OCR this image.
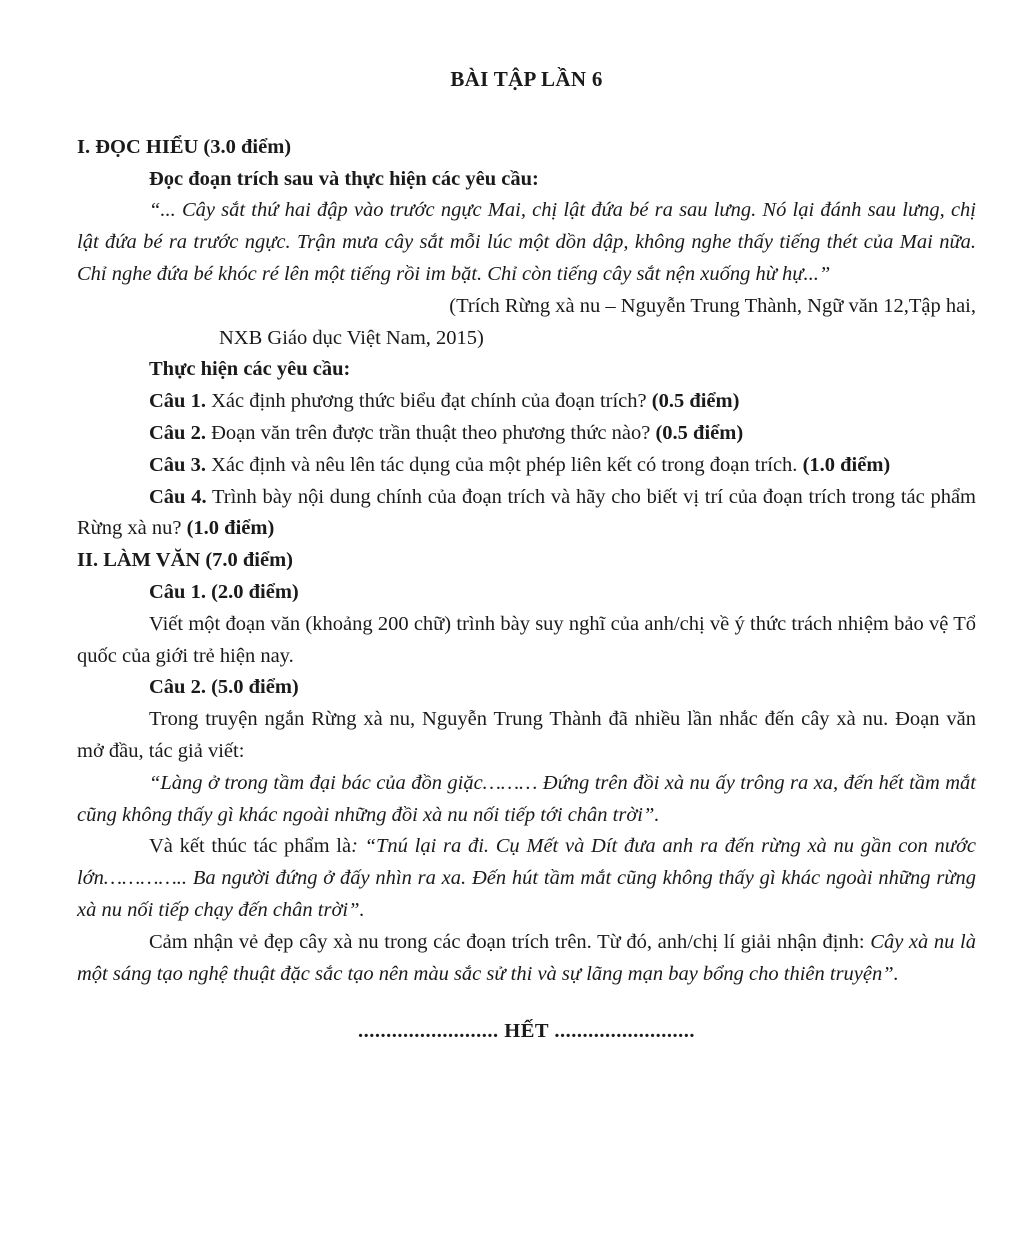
BÀI TẬP LẦN 6

I. ĐỌC HIỂU (3.0 điểm)

Đọc đoạn trích sau và thực hiện các yêu cầu:

“... Cây sắt thứ hai đập vào trước ngực Mai, chị lật đứa bé ra sau lưng. Nó lại đánh sau lưng, chị lật đứa bé ra trước ngực. Trận mưa cây sắt mỗi lúc một dồn dập, không nghe thấy tiếng thét của Mai nữa. Chỉ nghe đứa bé khóc ré lên một tiếng rồi im bặt. Chỉ còn tiếng cây sắt nện xuống hừ hự...”

(Trích Rừng xà nu – Nguyễn Trung Thành, Ngữ văn 12,Tập hai,

NXB Giáo dục Việt Nam, 2015)

Thực hiện các yêu cầu:

Câu 1. Xác định phương thức biểu đạt chính của đoạn trích? (0.5 điểm)

Câu 2. Đoạn văn trên được trần thuật theo phương thức nào? (0.5 điểm)

Câu 3. Xác định và nêu lên tác dụng của một phép liên kết có trong đoạn trích. (1.0 điểm)

Câu 4. Trình bày nội dung chính của đoạn trích và hãy cho biết vị trí của đoạn trích trong tác phẩm Rừng xà nu? (1.0 điểm)

II. LÀM VĂN (7.0 điểm)

Câu 1. (2.0 điểm)

Viết một đoạn văn (khoảng 200 chữ) trình bày suy nghĩ của anh/chị về ý thức trách nhiệm bảo vệ Tổ quốc của giới trẻ hiện nay.

Câu 2. (5.0 điểm)

Trong truyện ngắn Rừng xà nu, Nguyễn Trung Thành đã nhiều lần nhắc đến cây xà nu. Đoạn văn mở đầu, tác giả viết:

“Làng ở trong tầm đại bác của đồn giặc……… Đứng trên đồi xà nu ấy trông ra xa, đến hết tầm mắt cũng không thấy gì khác ngoài những đồi xà nu nối tiếp tới chân trời”.

Và kết thúc tác phẩm là: “Tnú lại ra đi. Cụ Mết và Dít đưa anh ra đến rừng xà nu gần con nước lớn………….. Ba người đứng ở đấy nhìn ra xa. Đến hút tầm mắt cũng không thấy gì khác ngoài những rừng xà nu nối tiếp chạy đến chân trời”.

Cảm nhận vẻ đẹp cây xà nu trong các đoạn trích trên. Từ đó, anh/chị lí giải nhận định: Cây xà nu là một sáng tạo nghệ thuật đặc sắc tạo nên màu sắc sử thi và sự lãng mạn bay bổng cho thiên truyện”.

......................... HẾT .........................
